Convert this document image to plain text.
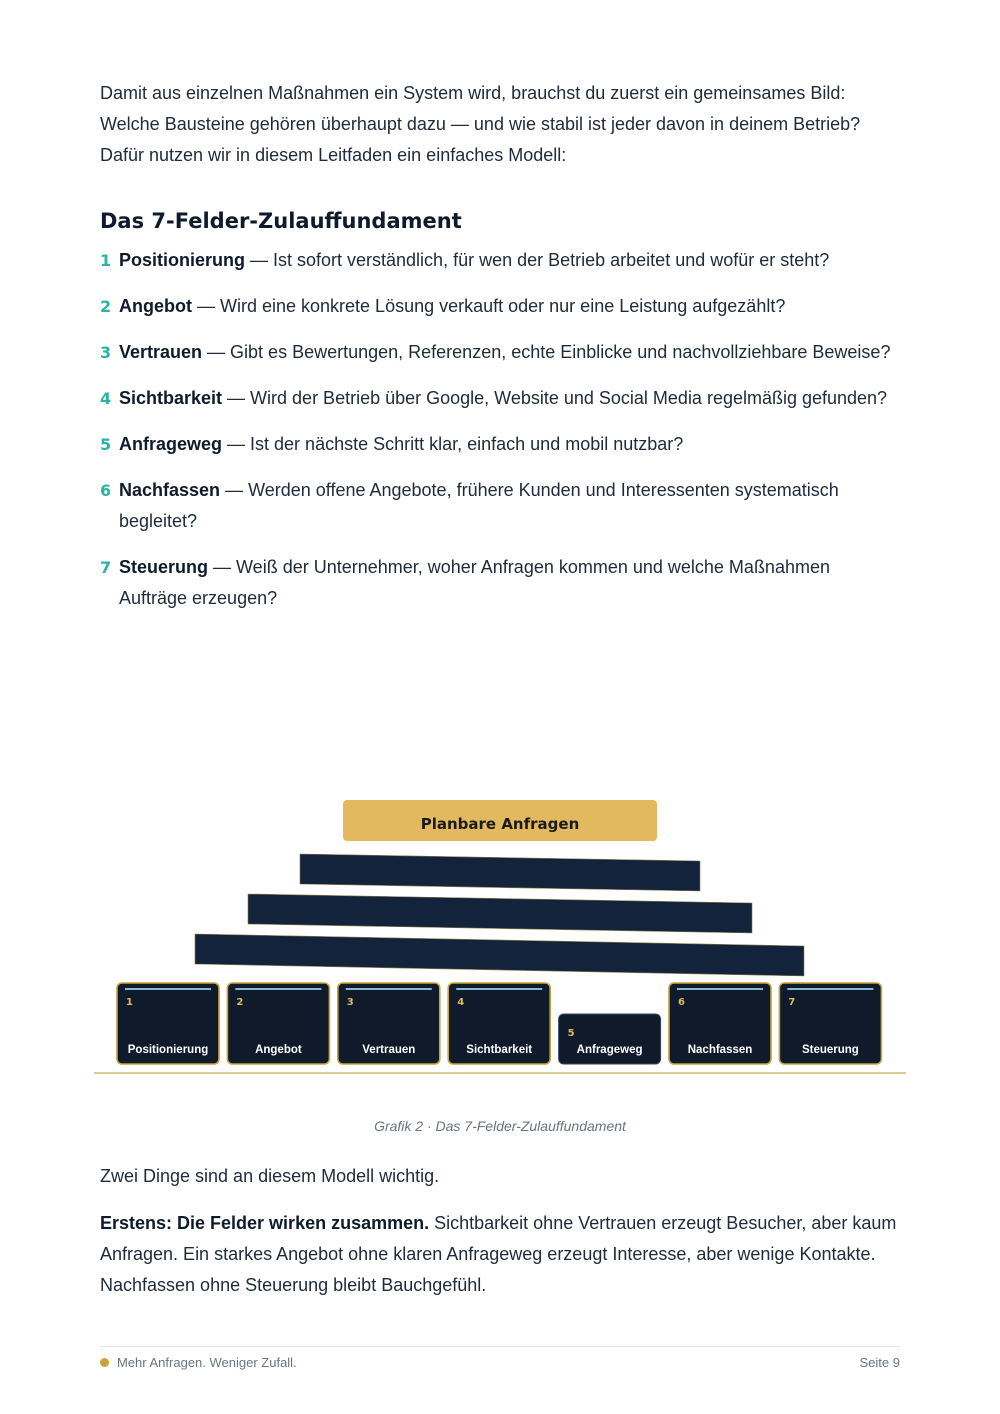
Damit aus einzelnen Maßnahmen ein System wird, brauchst du zuerst ein gemeinsames Bild:

Welche Bausteine gehören überhaupt dazu — und wie stabil ist jeder davon in deinem Betrieb?

Dafür nutzen wir in diesem Leitfaden ein einfaches Modell:

Das 7-Felder-Zulauffundament
1 Positionierung — Ist sofort verständlich, für wen der Betrieb arbeitet und wofür er steht?
2 Angebot — Wird eine konkrete Lösung verkauft oder nur eine Leistung aufgezählt?
3 Vertrauen — Gibt es Bewertungen, Referenzen, echte Einblicke und nachvollziehbare Beweise?
4 Sichtbarkeit — Wird der Betrieb über Google, Website und Social Media regelmäßig gefunden?
5 Anfrageweg — Ist der nächste Schritt klar, einfach und mobil nutzbar?
6 Nachfassen — Werden offene Angebote, frühere Kunden und Interessenten systematisch begleitet?
7 Steuerung — Weiß der Unternehmer, woher Anfragen kommen und welche Maßnahmen Aufträge erzeugen?
Planbare Anfragen
1
Positionierung
2
Angebot
3
Vertrauen
4
Sichtbarkeit
5
Anfrageweg
6
Nachfassen
7
Steuerung
Grafik 2 · Das 7-Felder-Zulauffundament

Zwei Dinge sind an diesem Modell wichtig.

Erstens: Die Felder wirken zusammen. Sichtbarkeit ohne Vertrauen erzeugt Besucher, aber kaum Anfragen. Ein starkes Angebot ohne klaren Anfrageweg erzeugt Interesse, aber wenige Kontakte. Nachfassen ohne Steuerung bleibt Bauchgefühl.

Mehr Anfragen. Weniger Zufall.	Seite 9
